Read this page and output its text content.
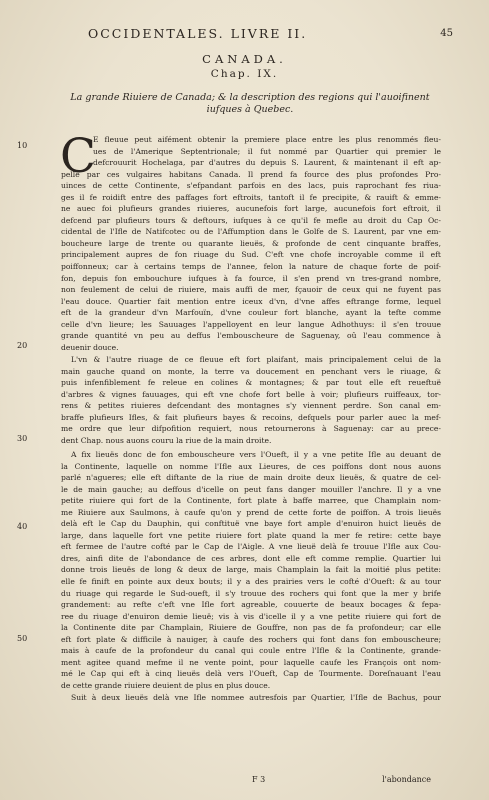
OCCIDENTALES. LIVRE II.	45
CANADA.
Chap. IX.
La grande Riuiere de Canada; & la description des regions qui l'auoifinent
iufques à Quebec.
C
10
20
30
40
50
E fleuue peut aifément obtenir la premiere place entre les plus renommés fleu-
ues de l'Amerique Septentrionale; il fut nommé par Quartier qui premier le
defcrouurit Hochelaga, par d'autres du depuis S. Laurent, & maintenant il eft ap-
pellé par ces vulgaires habitans Canada. Il prend fa fource des plus profondes Pro-
uinces de cette Continente, s'efpandant parfois en des lacs, puis raprochant fes riua-
ges il fe roidift entre des paffages fort eftroits, tantoft il fe precipite, & rauift & emme-
ne auec foi plufieurs grandes riuieres, aucunefois fort large, aucunefois fort eftroit, il
defcend par plufieurs tours & deftours, iufques à ce qu'il fe mefle au droit du Cap Oc-
cidental de l'Ifle de Natifcotec ou de l'Affumption dans le Golfe de S. Laurent, par vne em-
boucheure large de trente ou quarante lieuës, & profonde de cent cinquante braffes,
principalement aupres de fon riuage du Sud. C'eft vne chofe incroyable comme il eft
poiffonneux; car à certains temps de l'annee, felon la nature de chaque forte de poif-
fon, depuis fon embouchure iufques à fa fource, il s'en prend vn tres-grand nombre,
non feulement de celui de riuiere, mais auffi de mer, fçauoir de ceux qui ne fuyent pas
l'eau douce. Quartier fait mention entre iceux d'vn, d'vne affes eftrange forme, lequel
eft de la grandeur d'vn Marfouïn, d'vne couleur fort blanche, ayant la tefte comme
celle d'vn lieure; les Sauuages l'appelloyent en leur langue Adhothuys: il s'en trouue
grande quantité vn peu au deffus l'embouscheure de Saguenay, oû l'eau commence à
deuenir douce.
L'vn & l'autre riuage de ce fleuue eft fort plaifant, mais principalement celui de la
main gauche quand on monte, la terre va doucement en penchant vers le riuage, &
puis infenfiblement fe releue en colines & montagnes; & par tout elle eft reueftuë
d'arbres & vignes fauuages, qui eft vne chofe fort belle à voir; plufieurs ruiffeaux, tor-
rens & petites riuieres defcendant des montagnes s'y viennent perdre. Son canal em-
braffe plufieurs Ifles, & fait plufieurs bayes & recoins, defquels pour parler auec la mef-
me ordre que leur difpofition requiert, nous retournerons à Saguenay: car au prece-
dent Chap. nous auons couru la riue de la main droite.
A fix lieuës donc de fon embouscheure vers l'Oueft, il y a vne petite Ifle au deuant de
la Continente, laquelle on nomme l'Ifle aux Lieures, de ces poiffons dont nous auons
parlé n'agueres; elle eft diftante de la riue de main droite deux lieuës, & quatre de cel-
le de main gauche; au deffous d'icelle on peut fans danger mouiller l'anchre. Il y a vne
petite riuiere qui fort de la Continente, fort plate à baffe marree, que Champlain nom-
me Riuiere aux Saulmons, à caufe qu'on y prend de cette forte de poiffon. A trois lieuës
delà eft le Cap du Dauphin, qui conftituë vne baye fort ample d'enuiron huict lieuës de
large, dans laquelle fort vne petite riuiere fort plate quand la mer fe retire: cette baye
eft fermee de l'autre cofté par le Cap de l'Aigle. A vne lieuë delà fe trouue l'Ifle aux Cou-
dres, ainfi dite de l'abondance de ces arbres, dont elle eft comme remplie. Quartier lui
donne trois lieuës de long & deux de large, mais Champlain la fait la moitié plus petite:
elle fe finift en pointe aux deux bouts; il y a des prairies vers le cofté d'Oueft: & au tour
du riuage qui regarde le Sud-oueft, il s'y trouue des rochers qui font que la mer y brife
grandement: au refte c'eft vne Ifle fort agreable, couuerte de beaux bocages & fepa-
ree du riuage d'enuiron demie lieuë; vis à vis d'icelle il y a vne petite riuiere qui fort de
la Continente dite par Champlain, Riuiere de Gouffre, non pas de fa profondeur; car elle
eft fort plate & difficile à nauiger, à caufe des rochers qui font dans fon embouscheure;
mais à caufe de la profondeur du canal qui coule entre l'Ifle & la Continente, grande-
ment agitee quand mefme il ne vente point, pour laquelle caufe les François ont nom-
mé le Cap qui eft à cinq lieuës delà vers l'Oueft, Cap de Tourmente. Doreſnauant l'eau
de cette grande riuiere deuient de plus en plus douce.
Suit à deux lieuës delà vne Ifle nommee autresfois par Quartier, l'Ifle de Bachus, pour
F 3	l'abondance
